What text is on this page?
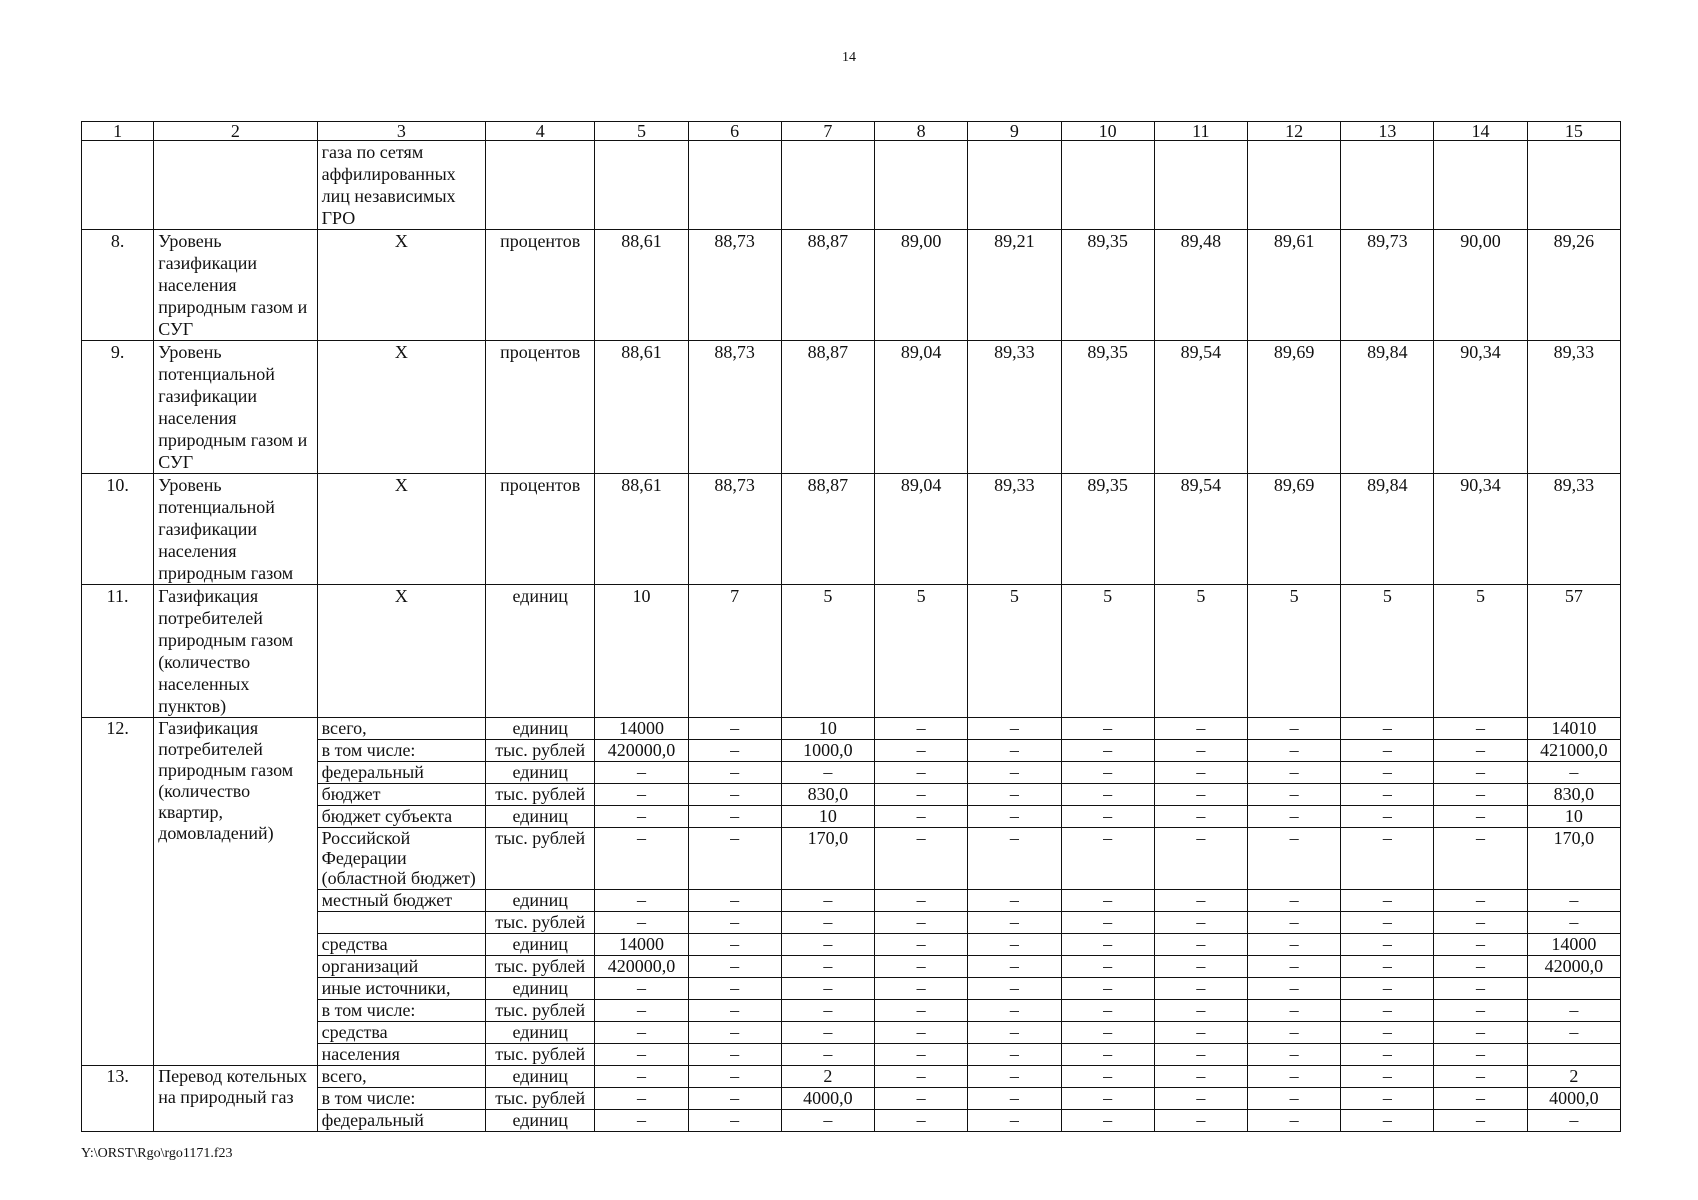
14
1	2	3	4	5	6	7	8	9	10	11	12	13	14	15
		газа по сетям аффилированных лиц независимых ГРО												
8.	Уровень газификации населения природным газом и СУГ	Х	процентов	88,61	88,73	88,87	89,00	89,21	89,35	89,48	89,61	89,73	90,00	89,26
9.	Уровень потенциальной газификации населения природным газом и СУГ	Х	процентов	88,61	88,73	88,87	89,04	89,33	89,35	89,54	89,69	89,84	90,34	89,33
10.	Уровень потенциальной газификации населения природным газом	Х	процентов	88,61	88,73	88,87	89,04	89,33	89,35	89,54	89,69	89,84	90,34	89,33
11.	Газификация потребителей природным газом (количество населенных пунктов)	Х	единиц	10	7	5	5	5	5	5	5	5	5	57
12.	Газификация потребителей природным газом (количество квартир, домовладений)	всего,	единиц	14000	–	10	–	–	–	–	–	–	–	14010
		в том числе:	тыс. рублей	420000,0	–	1000,0	–	–	–	–	–	–	–	421000,0
		федеральный	единиц	–	–	–	–	–	–	–	–	–	–	–
		бюджет	тыс. рублей	–	–	830,0	–	–	–	–	–	–	–	830,0
		бюджет субъекта	единиц	–	–	10	–	–	–	–	–	–	–	10
		Российской Федерации (областной бюджет)	тыс. рублей	–	–	170,0	–	–	–	–	–	–	–	170,0
		местный бюджет	единиц	–	–	–	–	–	–	–	–	–	–	–
			тыс. рублей	–	–	–	–	–	–	–	–	–	–	–
		средства	единиц	14000	–	–	–	–	–	–	–	–	–	14000
		организаций	тыс. рублей	420000,0	–	–	–	–	–	–	–	–	–	42000,0
		иные источники,	единиц	–	–	–	–	–	–	–	–	–	–	
		в том числе:	тыс. рублей	–	–	–	–	–	–	–	–	–	–	–
		средства	единиц	–	–	–	–	–	–	–	–	–	–	–
		населения	тыс. рублей	–	–	–	–	–	–	–	–	–	–	
13.	Перевод котельных на природный газ	всего,	единиц	–	–	2	–	–	–	–	–	–	–	2
		в том числе:	тыс. рублей	–	–	4000,0	–	–	–	–	–	–	–	4000,0
		федеральный	единиц	–	–	–	–	–	–	–	–	–	–	–
Y:\ORST\Rgo\rgo1171.f23
